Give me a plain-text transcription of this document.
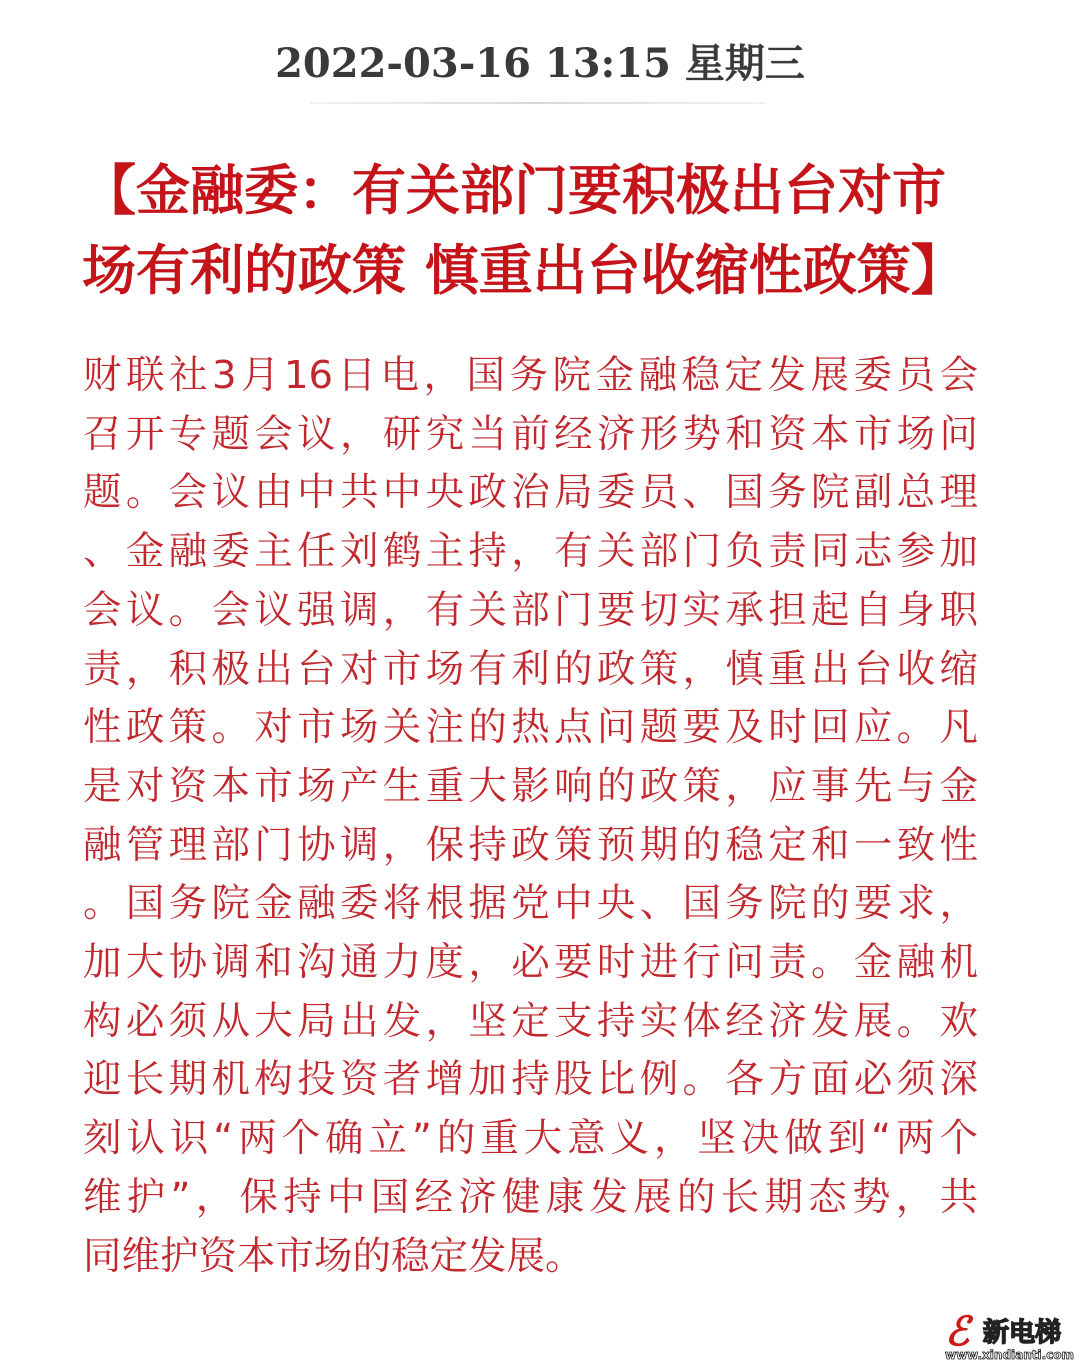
2022-03-16 13:15 星期三
【金融委：有关部门要积极出台对市
场有利的政策 慎重出台收缩性政策】
财联社3月16日电，国务院金融稳定发展委员会
召开专题会议，研究当前经济形势和资本市场问
题。会议由中共中央政治局委员、国务院副总理
、金融委主任刘鹤主持，有关部门负责同志参加
会议。会议强调，有关部门要切实承担起自身职
责，积极出台对市场有利的政策，慎重出台收缩
性政策。对市场关注的热点问题要及时回应。凡
是对资本市场产生重大影响的政策，应事先与金
融管理部门协调，保持政策预期的稳定和一致性
。国务院金融委将根据党中央、国务院的要求，
加大协调和沟通力度，必要时进行问责。金融机
构必须从大局出发，坚定支持实体经济发展。欢
迎长期机构投资者增加持股比例。各方面必须深
刻认识“两个确立”的重大意义，坚决做到“两个
维护”，保持中国经济健康发展的长期态势，共
同维护资本市场的稳定发展。
ℰ 新电梯
www.xindianti.com
